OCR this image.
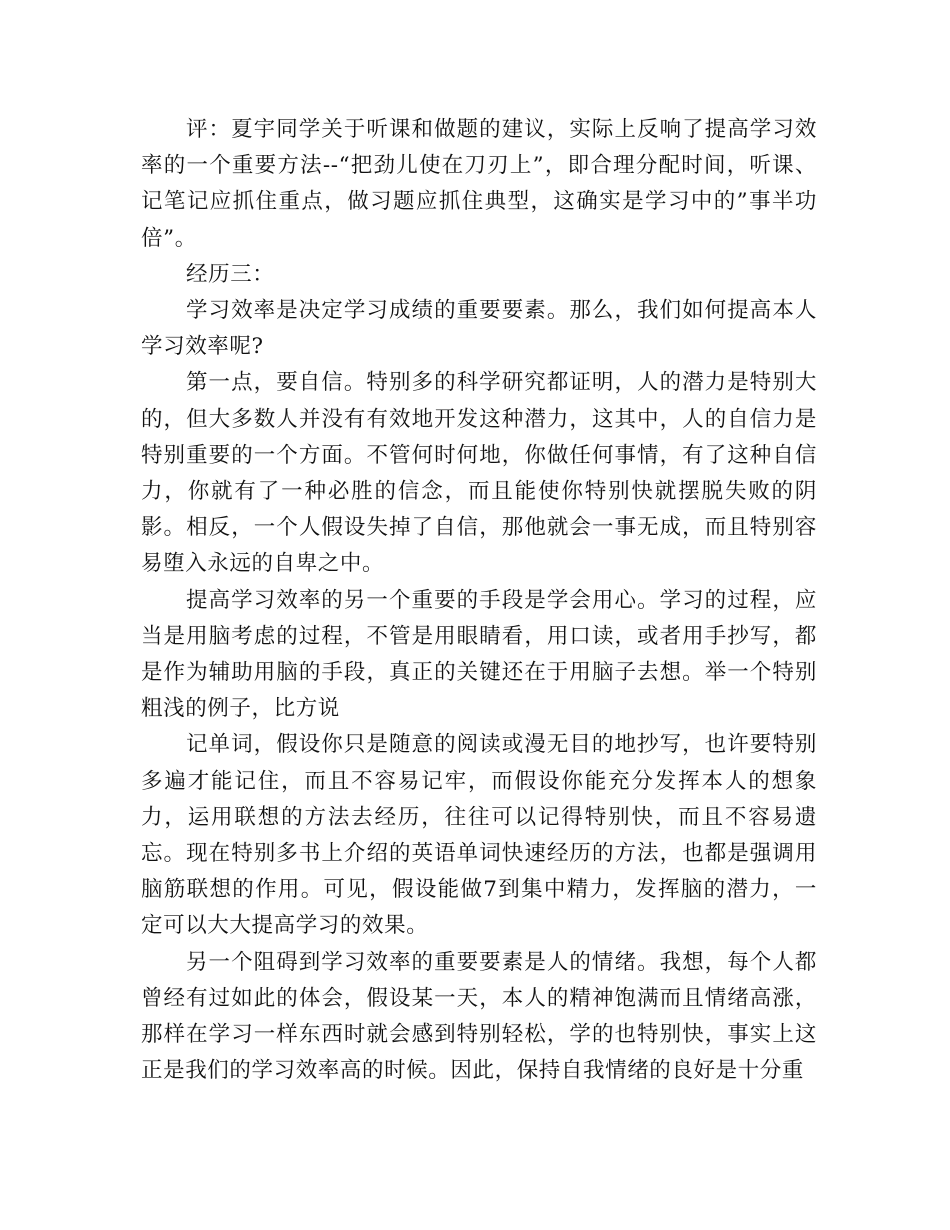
评：夏宇同学关于听课和做题的建议，实际上反响了提高学习效率的一个重要方法--“把劲儿使在刀刃上”，即合理分配时间，听课、记笔记应抓住重点，做习题应抓住典型，这确实是学习中的”事半功倍”。

经历三：

学习效率是决定学习成绩的重要要素。那么，我们如何提高本人学习效率呢?

第一点，要自信。特别多的科学研究都证明，人的潜力是特别大的，但大多数人并没有有效地开发这种潜力，这其中，人的自信力是特别重要的一个方面。不管何时何地，你做任何事情，有了这种自信力，你就有了一种必胜的信念，而且能使你特别快就摆脱失败的阴影。相反，一个人假设失掉了自信，那他就会一事无成，而且特别容易堕入永远的自卑之中。

提高学习效率的另一个重要的手段是学会用心。学习的过程，应当是用脑考虑的过程，不管是用眼睛看，用口读，或者用手抄写，都是作为辅助用脑的手段，真正的关键还在于用脑子去想。举一个特别粗浅的例子，比方说

记单词，假设你只是随意的阅读或漫无目的地抄写，也许要特别多遍才能记住，而且不容易记牢，而假设你能充分发挥本人的想象力，运用联想的方法去经历，往往可以记得特别快，而且不容易遗忘。现在特别多书上介绍的英语单词快速经历的方法，也都是强调用脑筋联想的作用。可见，假设能做7到集中精力，发挥脑的潜力，一定可以大大提高学习的效果。

另一个阻碍到学习效率的重要要素是人的情绪。我想，每个人都曾经有过如此的体会，假设某一天，本人的精神饱满而且情绪高涨，那样在学习一样东西时就会感到特别轻松，学的也特别快，事实上这正是我们的学习效率高的时候。因此，保持自我情绪的良好是十分重
